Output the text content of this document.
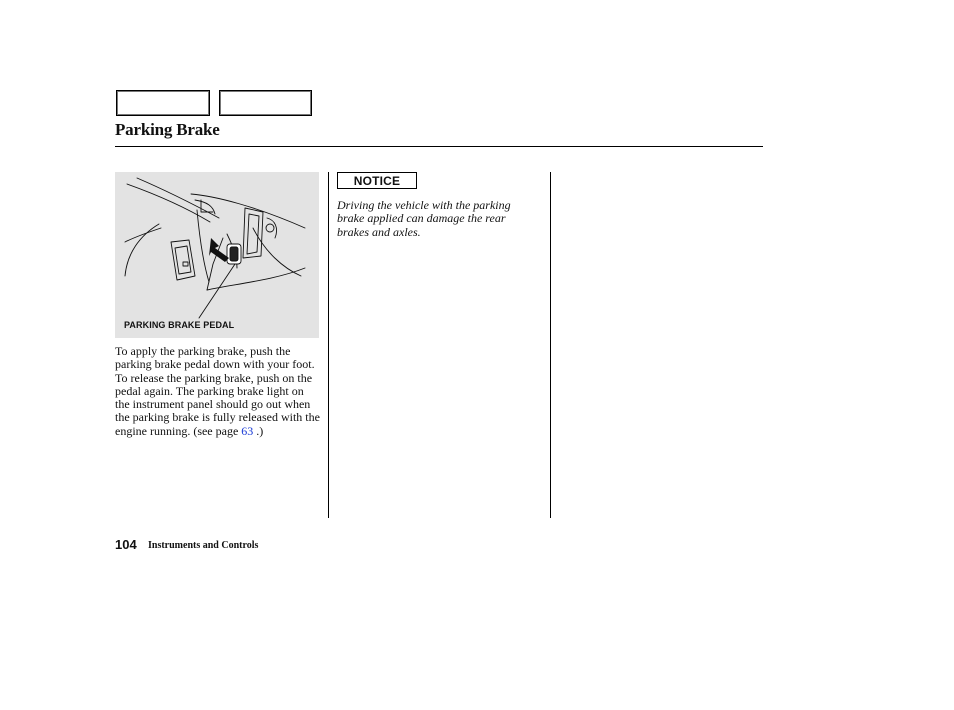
Parking Brake
PARKING BRAKE PEDAL

To apply the parking brake, push the parking brake pedal down with your foot. To release the parking brake, push on the pedal again. The parking brake light on the instrument panel should go out when the parking brake is fully released with the engine running. (see page 63 .)

NOTICE

Driving the vehicle with the parking brake applied can damage the rear brakes and axles.

104 Instruments and Controls
